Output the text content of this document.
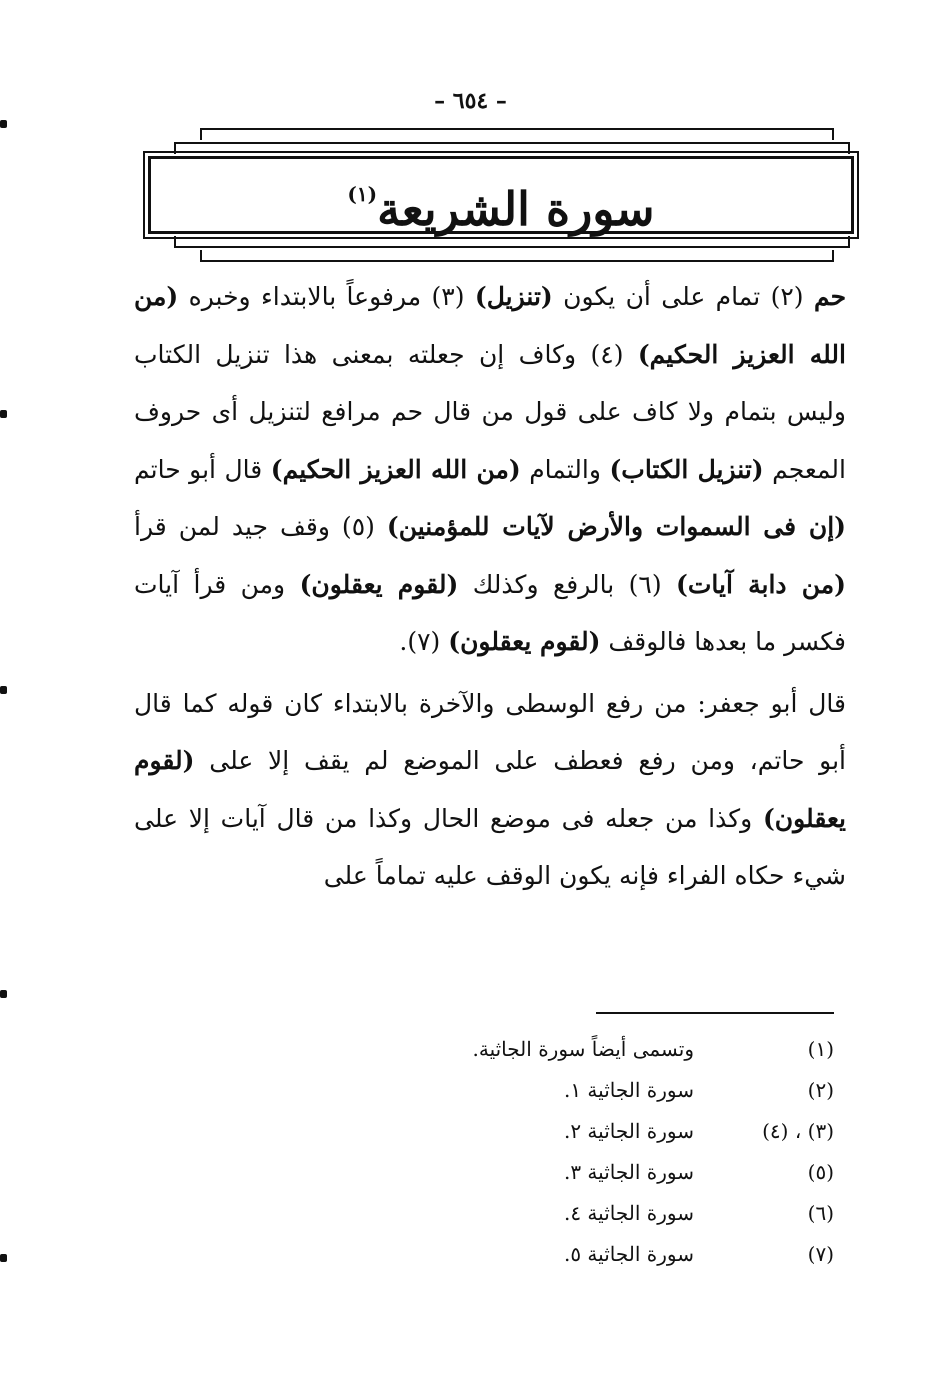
– ٦٥٤ –
سورة الشريعة$^{(١)}$

حم (٢) تمام على أن يكون (تنزيل) (٣) مرفوعاً بالابتداء وخبره (من الله العزيز الحكيم) (٤) وكاف إن جعلته بمعنى هذا تنزيل الكتاب وليس بتمام ولا كاف على قول من قال حم مرافع لتنزيل أى حروف المعجم (تنزيل الكتاب) والتمام (من الله العزيز الحكيم) قال أبو حاتم (إن فى السموات والأرض لآيات للمؤمنين) (٥) وقف جيد لمن قرأ (من دابة آيات) (٦) بالرفع وكذلك (لقوم يعقلون) ومن قرأ آيات فكسر ما بعدها فالوقف (لقوم يعقلون) (٧).

قال أبو جعفر: من رفع الوسطى والآخرة بالابتداء كان قوله كما قال أبو حاتم، ومن رفع فعطف على الموضع لم يقف إلا على (لقوم يعقلون) وكذا من جعله فى موضع الحال وكذا من قال آيات إلا على شيء حكاه الفراء فإنه يكون الوقف عليه تماماً على

(١)
وتسمى أيضاً سورة الجاثية.
(٢)
سورة الجاثية ١.
(٣) ، (٤)
سورة الجاثية ٢.
(٥)
سورة الجاثية ٣.
(٦)
سورة الجاثية ٤.
(٧)
سورة الجاثية ٥.
